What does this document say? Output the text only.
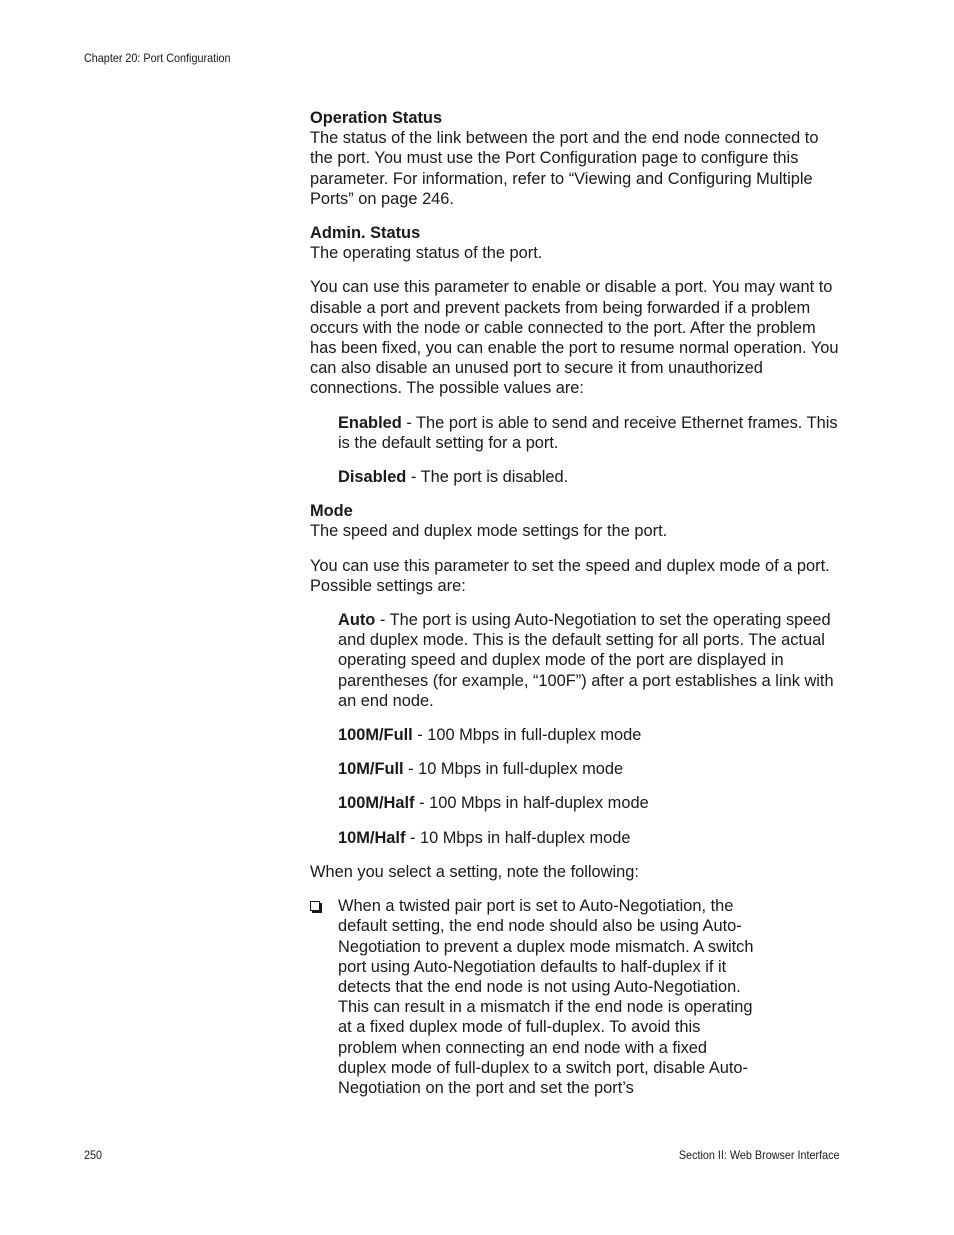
Chapter 20: Port Configuration
Operation Status

The status of the link between the port and the end node connected to the port. You must use the Port Configuration page to configure this parameter. For information, refer to “Viewing and Configuring Multiple Ports” on page 246.

Admin. Status

The operating status of the port.

You can use this parameter to enable or disable a port. You may want to disable a port and prevent packets from being forwarded if a problem occurs with the node or cable connected to the port. After the problem has been fixed, you can enable the port to resume normal operation. You can also disable an unused port to secure it from unauthorized connections. The possible values are:

Enabled - The port is able to send and receive Ethernet frames. This is the default setting for a port.

Disabled - The port is disabled.

Mode

The speed and duplex mode settings for the port.

You can use this parameter to set the speed and duplex mode of a port. Possible settings are:

Auto - The port is using Auto-Negotiation to set the operating speed and duplex mode. This is the default setting for all ports. The actual operating speed and duplex mode of the port are displayed in parentheses (for example, “100F”) after a port establishes a link with an end node.

100M/Full - 100 Mbps in full-duplex mode

10M/Full - 10 Mbps in full-duplex mode

100M/Half - 100 Mbps in half-duplex mode

10M/Half - 10 Mbps in half-duplex mode

When you select a setting, note the following:

When a twisted pair port is set to Auto-Negotiation, the default setting, the end node should also be using Auto-Negotiation to prevent a duplex mode mismatch. A switch port using Auto-Negotiation defaults to half-duplex if it detects that the end node is not using Auto-Negotiation. This can result in a mismatch if the end node is operating at a fixed duplex mode of full-duplex. To avoid this problem when connecting an end node with a fixed duplex mode of full-duplex to a switch port, disable Auto-Negotiation on the port and set the port’s
250	Section II: Web Browser Interface
